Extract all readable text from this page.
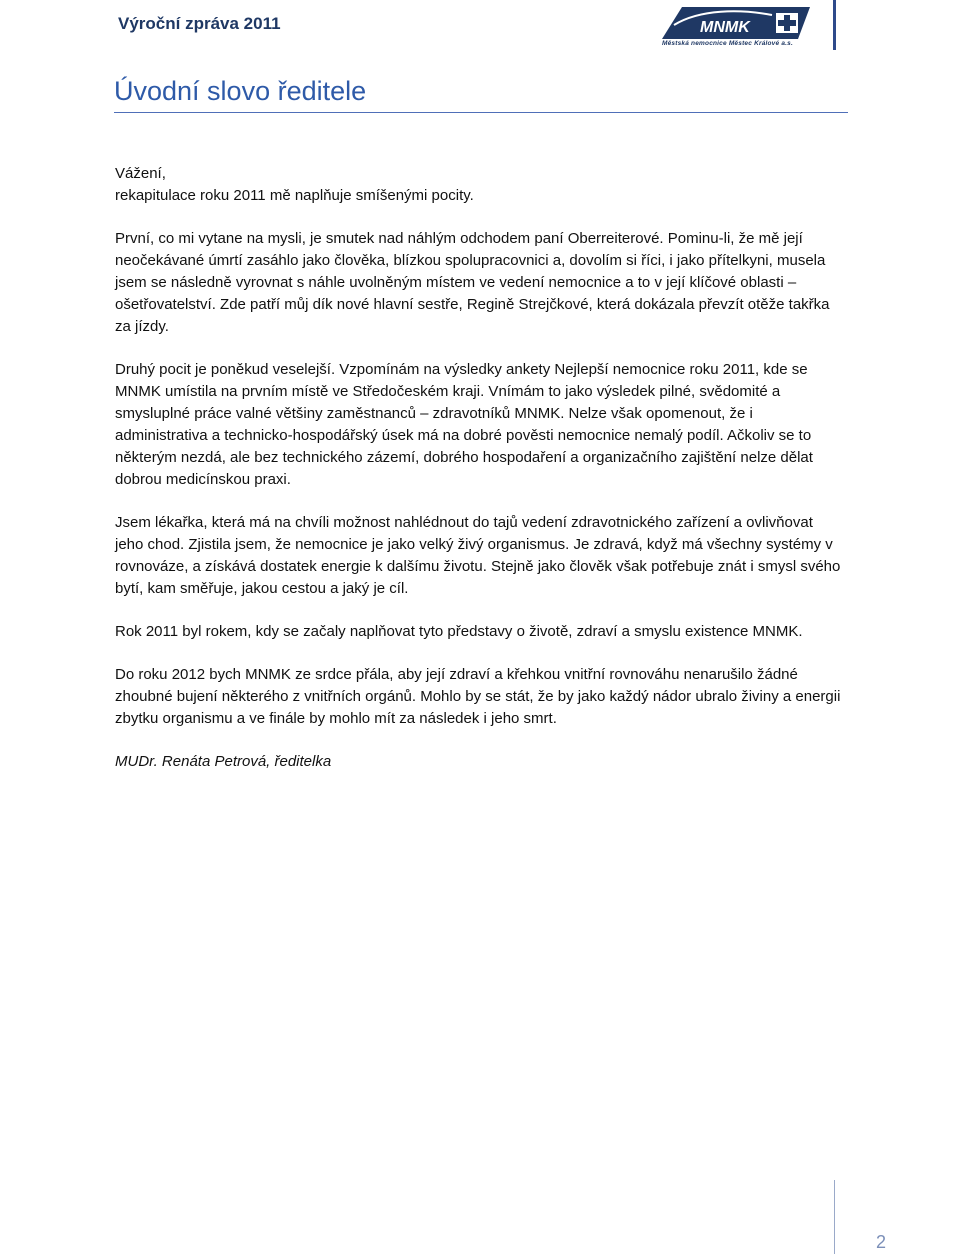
Výroční zpráva 2011	MNMK
Městská nemocnice Městec Králové a.s.
Úvodní slovo ředitele

Vážení,

rekapitulace roku 2011 mě naplňuje smíšenými pocity.

První, co mi vytane na mysli, je smutek nad náhlým odchodem paní Oberreiterové. Pominu-li, že mě její neočekávané úmrtí zasáhlo jako člověka, blízkou spolupracovnici a, dovolím si říci, i jako přítelkyni, musela jsem se následně vyrovnat s náhle uvolněným místem ve vedení nemocnice a to v její klíčové oblasti – ošetřovatelství. Zde patří můj dík nové hlavní sestře, Regině Strejčkové, která dokázala převzít otěže takřka za jízdy.

Druhý pocit je poněkud veselejší. Vzpomínám na výsledky ankety Nejlepší nemocnice roku 2011, kde se MNMK umístila na prvním místě ve Středočeském kraji. Vnímám to jako výsledek pilné, svědomité a smysluplné práce valné většiny zaměstnanců – zdravotníků MNMK. Nelze však opomenout, že i administrativa a technicko-hospodářský úsek má na dobré pověsti nemocnice nemalý podíl. Ačkoliv se to některým nezdá, ale bez technického zázemí, dobrého hospodaření a organizačního zajištění nelze dělat dobrou medicínskou praxi.

Jsem lékařka, která má na chvíli možnost nahlédnout do tajů vedení zdravotnického zařízení a ovlivňovat jeho chod. Zjistila jsem, že nemocnice je jako velký živý organismus. Je zdravá, když má všechny systémy v rovnováze, a získává dostatek energie k dalšímu životu. Stejně jako člověk však potřebuje znát i smysl svého bytí, kam směřuje, jakou cestou a jaký je cíl.

Rok 2011 byl rokem, kdy se začaly naplňovat tyto představy o životě, zdraví a smyslu existence MNMK.

Do roku 2012 bych MNMK ze srdce přála, aby její zdraví a křehkou vnitřní rovnováhu nenarušilo žádné zhoubné bujení některého z vnitřních orgánů. Mohlo by se stát, že by jako každý nádor ubralo živiny a energii zbytku organismu a ve finále by mohlo mít za následek i jeho smrt.

MUDr. Renáta Petrová, ředitelka

2
